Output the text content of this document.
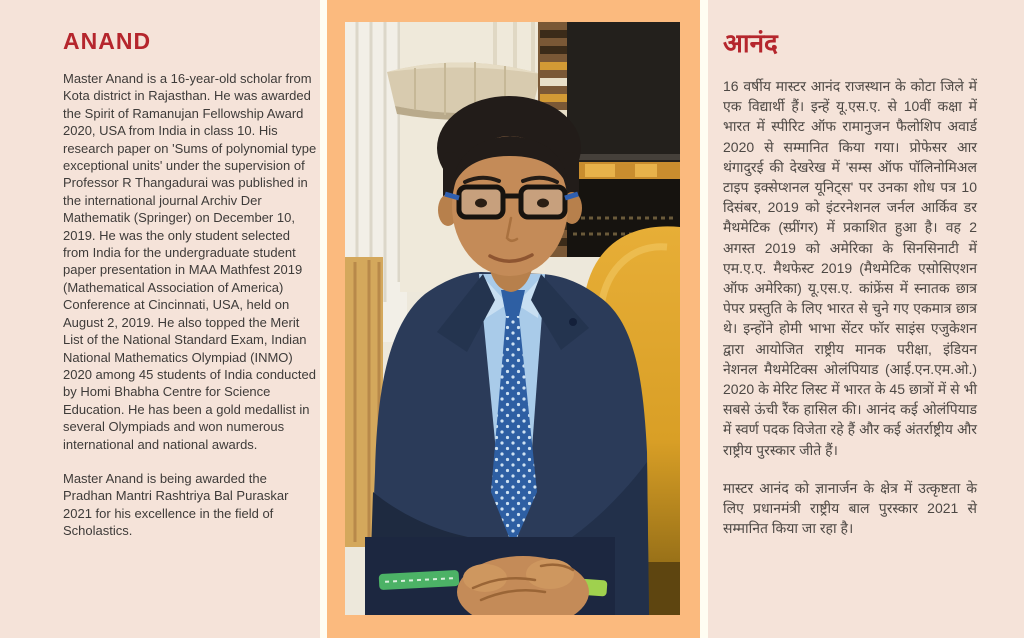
ANAND

Master Anand is a 16-year-old scholar from Kota district in Rajasthan. He was awarded the Spirit of Ramanujan Fellowship Award 2020, USA from India in class 10. His research paper on 'Sums of polynomial type exceptional units' under the supervision of Professor R Thangadurai was published in the international journal Archiv Der Mathematik (Springer) on December 10, 2019. He was the only student selected from India for the undergraduate student paper presentation in MAA Mathfest 2019 (Mathematical Association of America) Conference at Cincinnati, USA, held on August 2, 2019. He also topped the Merit List of the National Standard Exam, Indian National Mathematics Olympiad (INMO) 2020 among 45 students of India conducted by Homi Bhabha Centre for Science Education. He has been a gold medallist in several Olympiads and won numerous international and national awards.

Master Anand is being awarded the Pradhan Mantri Rashtriya Bal Puraskar 2021 for his excellence in the field of Scholastics.

आनंद

16 वर्षीय मास्टर आनंद राजस्थान के कोटा जिले में एक विद्यार्थी हैं। इन्हें यू.एस.ए. से 10वीं कक्षा में भारत में स्पीरिट ऑफ रामानुजन फैलोशिप अवार्ड 2020 से सम्मानित किया गया। प्रोफेसर आर थंगादुरई की देखरेख में 'सम्स ऑफ पॉलिनोमिअल टाइप इक्सेप्शनल यूनिट्स' पर उनका शोध पत्र 10 दिसंबर, 2019 को इंटरनेशनल जर्नल आर्किव डर मैथमेटिक (स्प्रींगर) में प्रकाशित हुआ है। वह 2 अगस्त 2019 को अमेरिका के सिनसिनाटी में एम.ए.ए. मैथफेस्ट 2019 (मैथमेटिक एसोसिएशन ऑफ अमेरिका) यू.एस.ए. कांफ्रेंस में स्नातक छात्र पेपर प्रस्तुति के लिए भारत से चुने गए एकमात्र छात्र थे। इन्होंने होमी भाभा सेंटर फॉर साइंस एजुकेशन द्वारा आयोजित राष्ट्रीय मानक परीक्षा, इंडियन नेशनल मैथमेटिक्स ओलंपियाड (आई.एन.एम.ओ.) 2020 के मेरिट लिस्ट में भारत के 45 छात्रों में से भी सबसे ऊंची रैंक हासिल की। आनंद कई ओलंपियाड में स्वर्ण पदक विजेता रहे हैं और कई अंतर्राष्ट्रीय और राष्ट्रीय पुरस्कार जीते हैं।

मास्टर आनंद को ज्ञानार्जन के क्षेत्र में उत्कृष्टता के लिए प्रधानमंत्री राष्ट्रीय बाल पुरस्कार 2021 से सम्मानित किया जा रहा है।
